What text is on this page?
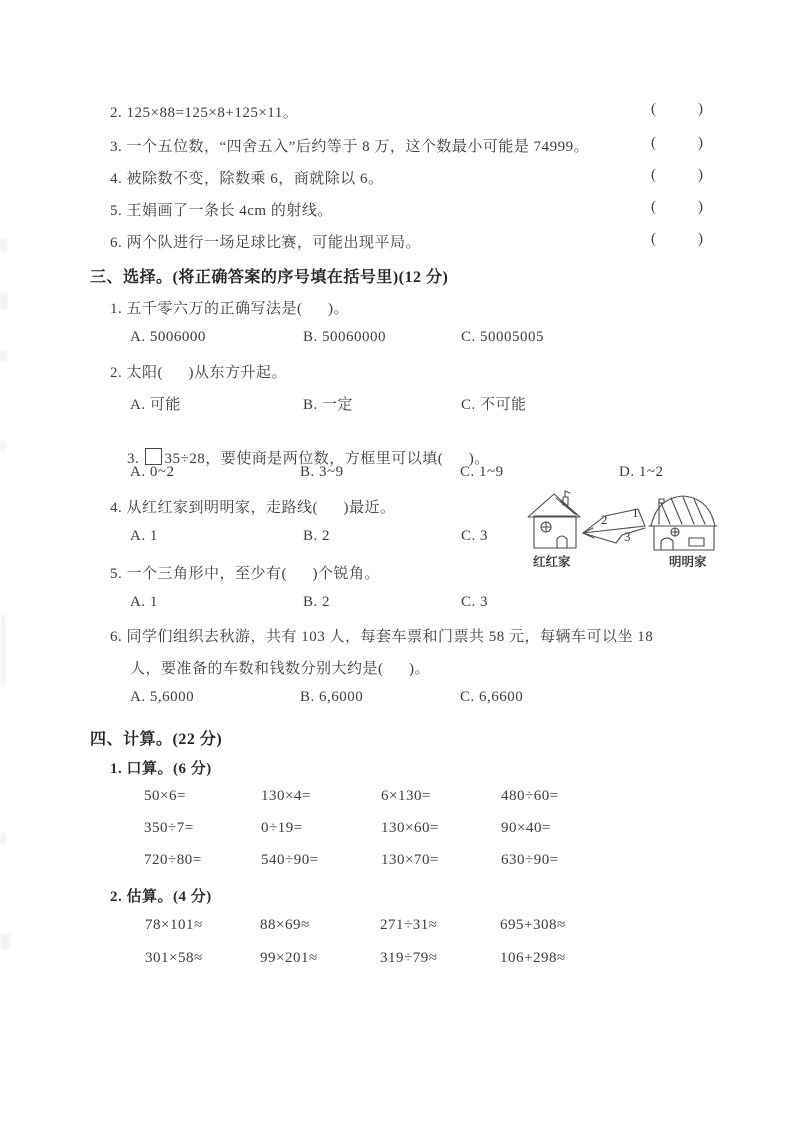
2. 125×88=125×8+125×11。	(	)
3. 一个五位数，“四舍五入”后约等于 8 万，这个数最小可能是 74999。	(	)
4. 被除数不变，除数乘 6，商就除以 6。	(	)
5. 王娟画了一条长 4cm 的射线。	(	)
6. 两个队进行一场足球比赛，可能出现平局。	(	)
三、选择。(将正确答案的序号填在括号里)(12 分)
1. 五千零六万的正确写法是(      )。
A. 5006000	B. 50060000	C. 50005005
2. 太阳(      )从东方升起。
A. 可能	B. 一定	C. 不可能

3. 35÷28，要使商是两位数，方框里可以填(      )。

A. 0~2	B. 3~9	C. 1~9	D. 1~2
4. 从红红家到明明家，走路线(      )最近。
A. 1	B. 2	C. 3
2 1
3
红红家	明明家
5. 一个三角形中，至少有(      )个锐角。
A. 1	B. 2	C. 3
6. 同学们组织去秋游，共有 103 人，每套车票和门票共 58 元，每辆车可以坐 18
人，要准备的车数和钱数分别大约是(      )。
A. 5,6000	B. 6,6000	C. 6,6600
四、计算。(22 分)
1. 口算。(6 分)
50×6=	130×4=	6×130=	480÷60=
350÷7=	0÷19=	130×60=	90×40=
720÷80=	540÷90=	130×70=	630÷90=
2. 估算。(4 分)
78×101≈	88×69≈	271÷31≈	695+308≈
301×58≈	99×201≈	319÷79≈	106+298≈
